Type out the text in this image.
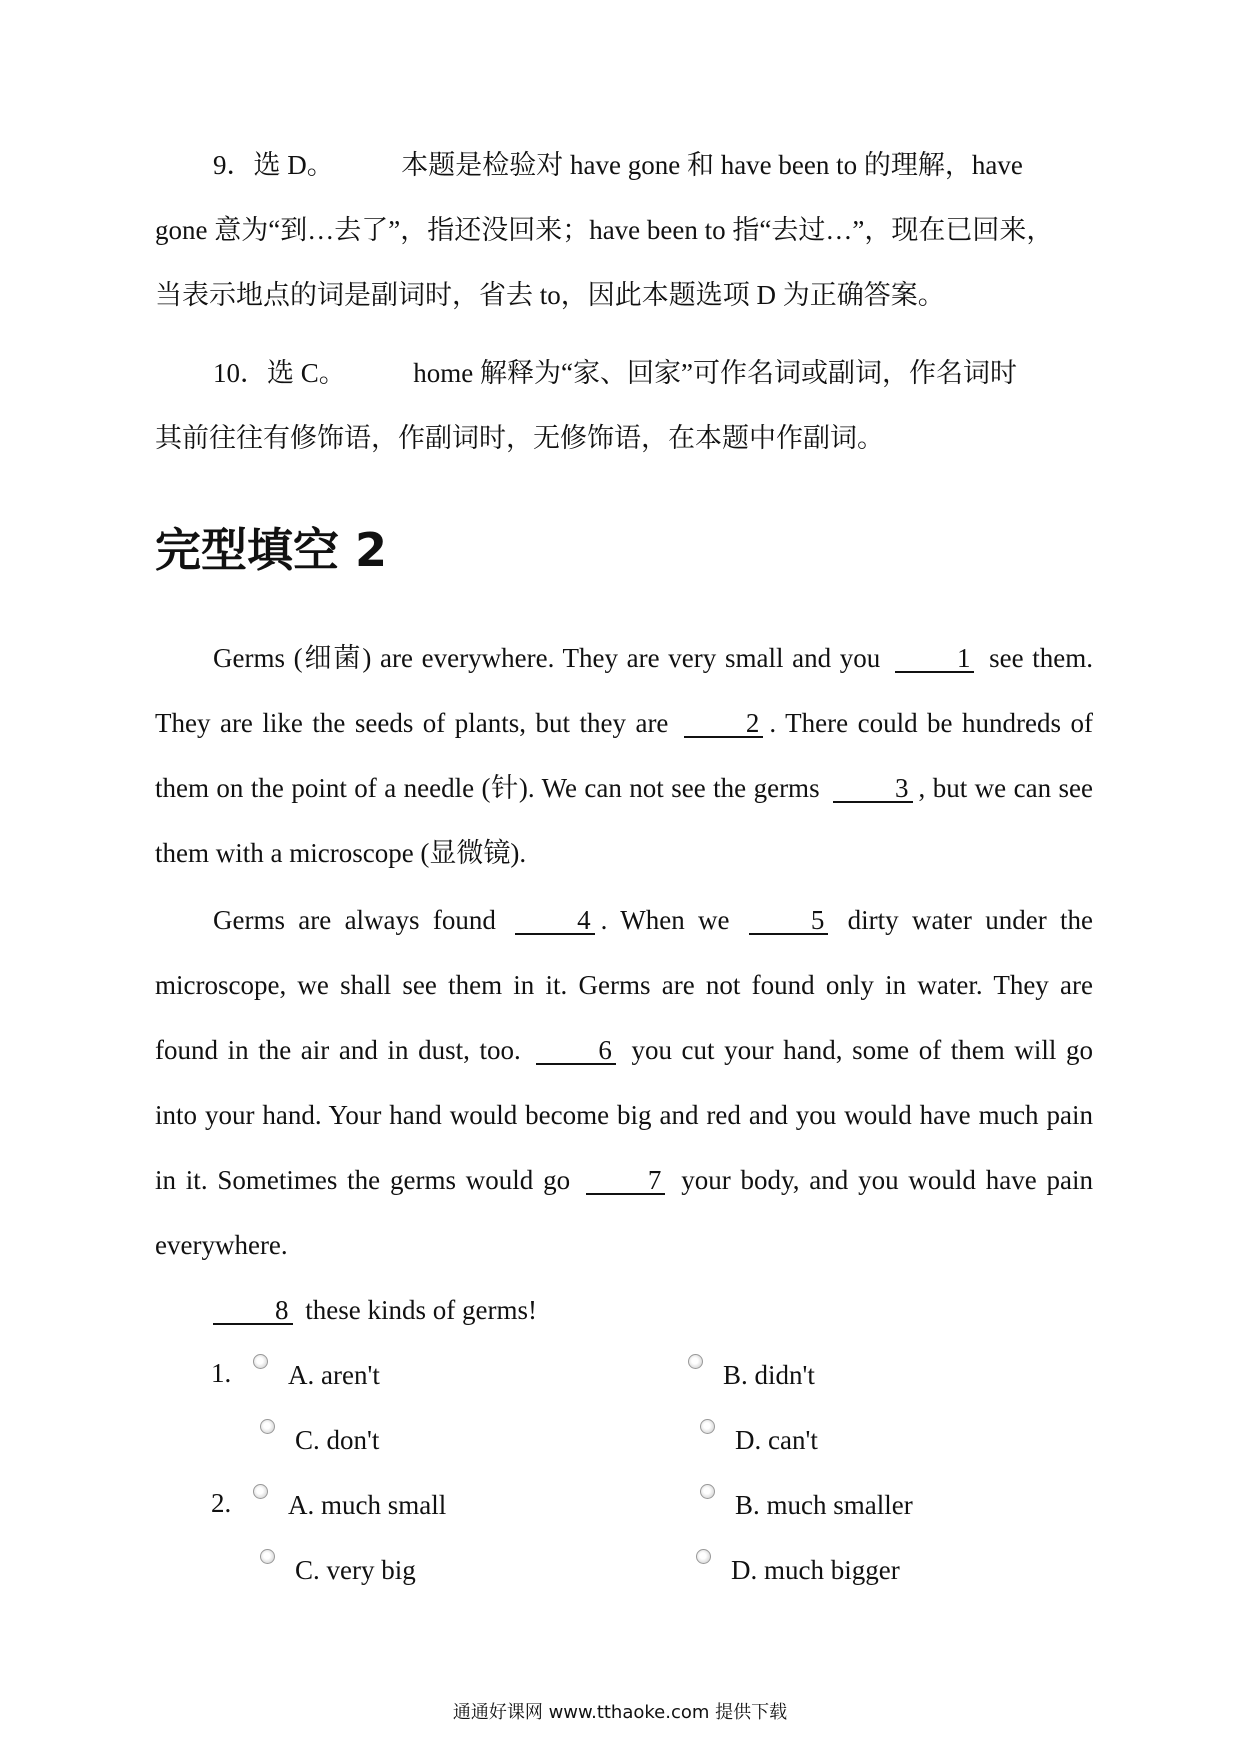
9．选 D。　　　本题是检验对 have gone 和 have been to 的理解，have
gone 意为“到…去了”，指还没回来；have been to 指“去过…”，现在已回来，
当表示地点的词是副词时，省去 to，因此本题选项 D 为正确答案。
10．选 C。　　　home 解释为“家、回家”可作名词或副词，作名词时
其前往往有修饰语，作副词时，无修饰语，在本题中作副词。
完型填空 2
Germs (细菌) are everywhere. They are very small and you	1 see them. They are like the seeds of plants, but they are	2 . There could be hundreds of them on the point of a needle (针). We can not see the germs	3 , but we can see them with a microscope (显微镜).
Germs are always found	4 . When we	5 dirty water under the microscope, we shall see them in it. Germs are not found only in water. They are found in the air and in dust, too.	6 you cut your hand, some of them will go into your hand. Your hand would become big and red and you would have much pain in it. Sometimes the germs would go	7 your body, and you would have pain everywhere.
8 these kinds of germs!
1. A. aren't	B. didn't
C. don't	D. can't
2. A. much small	B. much smaller
C. very big	D. much bigger
通通好课网 www.tthaoke.com 提供下载
